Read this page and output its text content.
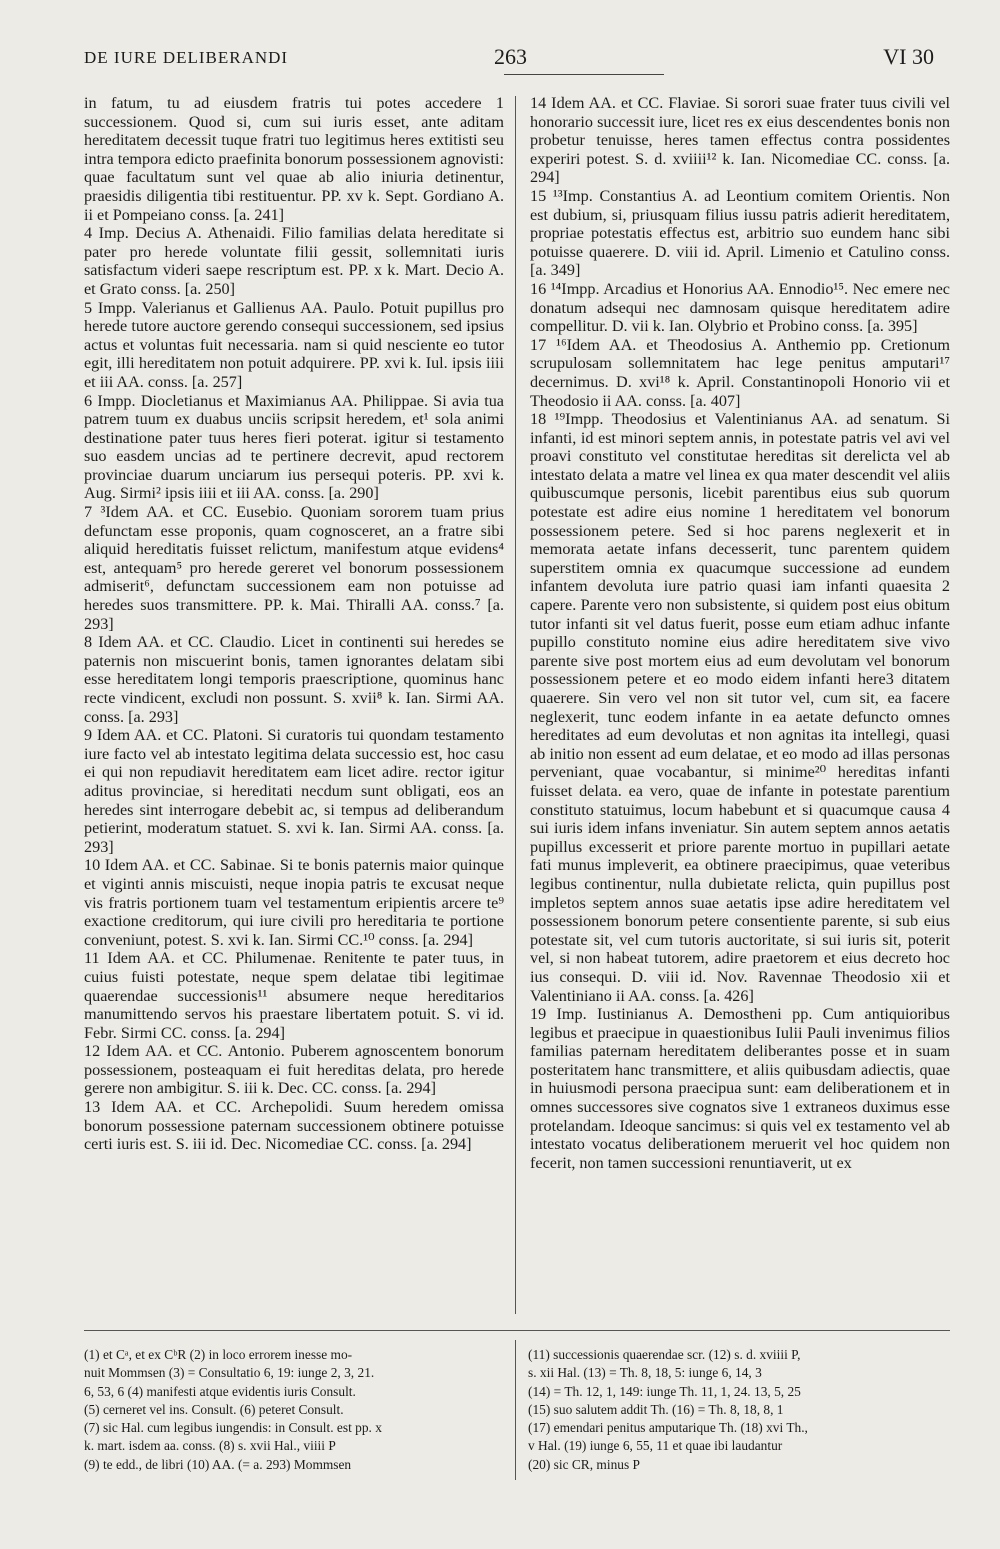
DE IURE DELIBERANDI	263	VI 30

in fatum, tu ad eiusdem fratris tui potes accedere 1 successionem. Quod si, cum sui iuris esset, ante aditam hereditatem decessit tuque fratri tuo legitimus heres extitisti seu intra tempora edicto praefinita bonorum possessionem agnovisti: quae facultatum sunt vel quae ab alio iniuria detinentur, praesidis diligentia tibi restituentur. PP. xv k. Sept. Gordiano A. ii et Pompeiano conss. [a. 241]

4 Imp. Decius A. Athenaidi. Filio familias delata hereditate si pater pro herede voluntate filii gessit, sollemnitati iuris satisfactum videri saepe rescriptum est. PP. x k. Mart. Decio A. et Grato conss. [a. 250]

5 Impp. Valerianus et Gallienus AA. Paulo. Potuit pupillus pro herede tutore auctore gerendo consequi successionem, sed ipsius actus et voluntas fuit necessaria. nam si quid nesciente eo tutor egit, illi hereditatem non potuit adquirere. PP. xvi k. Iul. ipsis iiii et iii AA. conss. [a. 257]

6 Impp. Diocletianus et Maximianus AA. Philippae. Si avia tua patrem tuum ex duabus unciis scripsit heredem, et¹ sola animi destinatione pater tuus heres fieri poterat. igitur si testamento suo easdem uncias ad te pertinere decrevit, apud rectorem provinciae duarum unciarum ius persequi poteris. PP. xvi k. Aug. Sirmi² ipsis iiii et iii AA. conss. [a. 290]

7 ³Idem AA. et CC. Eusebio. Quoniam sororem tuam prius defunctam esse proponis, quam cognosceret, an a fratre sibi aliquid hereditatis fuisset relictum, manifestum atque evidens⁴ est, antequam⁵ pro herede gereret vel bonorum possessionem admiserit⁶, defunctam successionem eam non potuisse ad heredes suos transmittere. PP. k. Mai. Thiralli AA. conss.⁷ [a. 293]

8 Idem AA. et CC. Claudio. Licet in continenti sui heredes se paternis non miscuerint bonis, tamen ignorantes delatam sibi esse hereditatem longi temporis praescriptione, quominus hanc recte vindicent, excludi non possunt. S. xvii⁸ k. Ian. Sirmi AA. conss. [a. 293]

9 Idem AA. et CC. Platoni. Si curatoris tui quondam testamento iure facto vel ab intestato legitima delata successio est, hoc casu ei qui non repudiavit hereditatem eam licet adire. rector igitur aditus provinciae, si hereditati necdum sunt obligati, eos an heredes sint interrogare debebit ac, si tempus ad deliberandum petierint, moderatum statuet. S. xvi k. Ian. Sirmi AA. conss. [a. 293]

10 Idem AA. et CC. Sabinae. Si te bonis paternis maior quinque et viginti annis miscuisti, neque inopia patris te excusat neque vis fratris portionem tuam vel testamentum eripientis arcere te⁹ exactione creditorum, qui iure civili pro hereditaria te portione conveniunt, potest. S. xvi k. Ian. Sirmi CC.¹⁰ conss. [a. 294]

11 Idem AA. et CC. Philumenae. Renitente te pater tuus, in cuius fuisti potestate, neque spem delatae tibi legitimae quaerendae successionis¹¹ absumere neque hereditarios manumittendo servos his praestare libertatem potuit. S. vi id. Febr. Sirmi CC. conss. [a. 294]

12 Idem AA. et CC. Antonio. Puberem agnoscentem bonorum possessionem, posteaquam ei fuit hereditas delata, pro herede gerere non ambigitur. S. iii k. Dec. CC. conss. [a. 294]

13 Idem AA. et CC. Archepolidi. Suum heredem omissa bonorum possessione paternam successionem obtinere potuisse certi iuris est. S. iii id. Dec. Nicomediae CC. conss. [a. 294]

14 Idem AA. et CC. Flaviae. Si sorori suae frater tuus civili vel honorario successit iure, licet res ex eius descendentes bonis non probetur tenuisse, heres tamen effectus contra possidentes experiri potest. S. d. xviiii¹² k. Ian. Nicomediae CC. conss. [a. 294]

15 ¹³Imp. Constantius A. ad Leontium comitem Orientis. Non est dubium, si, priusquam filius iussu patris adierit hereditatem, propriae potestatis effectus est, arbitrio suo eundem hanc sibi potuisse quaerere. D. viii id. April. Limenio et Catulino conss. [a. 349]

16 ¹⁴Impp. Arcadius et Honorius AA. Ennodio¹⁵. Nec emere nec donatum adsequi nec damnosam quisque hereditatem adire compellitur. D. vii k. Ian. Olybrio et Probino conss. [a. 395]

17 ¹⁶Idem AA. et Theodosius A. Anthemio pp. Cretionum scrupulosam sollemnitatem hac lege penitus amputari¹⁷ decernimus. D. xvi¹⁸ k. April. Constantinopoli Honorio vii et Theodosio ii AA. conss. [a. 407]

18 ¹⁹Impp. Theodosius et Valentinianus AA. ad senatum. Si infanti, id est minori septem annis, in potestate patris vel avi vel proavi constituto vel constitutae hereditas sit derelicta vel ab intestato delata a matre vel linea ex qua mater descendit vel aliis quibuscumque personis, licebit parentibus eius sub quorum potestate est adire eius nomine 1 hereditatem vel bonorum possessionem petere. Sed si hoc parens neglexerit et in memorata aetate infans decesserit, tunc parentem quidem superstitem omnia ex quacumque successione ad eundem infantem devoluta iure patrio quasi iam infanti quaesita 2 capere. Parente vero non subsistente, si quidem post eius obitum tutor infanti sit vel datus fuerit, posse eum etiam adhuc infante pupillo constituto nomine eius adire hereditatem sive vivo parente sive post mortem eius ad eum devolutam vel bonorum possessionem petere et eo modo eidem infanti here3 ditatem quaerere. Sin vero vel non sit tutor vel, cum sit, ea facere neglexerit, tunc eodem infante in ea aetate defuncto omnes hereditates ad eum devolutas et non agnitas ita intellegi, quasi ab initio non essent ad eum delatae, et eo modo ad illas personas perveniant, quae vocabantur, si minime²⁰ hereditas infanti fuisset delata. ea vero, quae de infante in potestate parentium constituto statuimus, locum habebunt et si quacumque causa 4 sui iuris idem infans inveniatur. Sin autem septem annos aetatis pupillus excesserit et priore parente mortuo in pupillari aetate fati munus impleverit, ea obtinere praecipimus, quae veteribus legibus continentur, nulla dubietate relicta, quin pupillus post impletos septem annos suae aetatis ipse adire hereditatem vel possessionem bonorum petere consentiente parente, si sub eius potestate sit, vel cum tutoris auctoritate, si sui iuris sit, poterit vel, si non habeat tutorem, adire praetorem et eius decreto hoc ius consequi. D. viii id. Nov. Ravennae Theodosio xii et Valentiniano ii AA. conss. [a. 426]

19 Imp. Iustinianus A. Demostheni pp. Cum antiquioribus legibus et praecipue in quaestionibus Iulii Pauli invenimus filios familias paternam hereditatem deliberantes posse et in suam posteritatem hanc transmittere, et aliis quibusdam adiectis, quae in huiusmodi persona praecipua sunt: eam deliberationem et in omnes successores sive cognatos sive 1 extraneos duximus esse protelandam. Ideoque sancimus: si quis vel ex testamento vel ab intestato vocatus deliberationem meruerit vel hoc quidem non fecerit, non tamen successioni renuntiaverit, ut ex

(1) et Cᵃ, et ex CᵇR (2) in loco errorem inesse mo-
nuit Mommsen (3) = Consultatio 6, 19: iunge 2, 3, 21.
6, 53, 6 (4) manifesti atque evidentis iuris Consult.
(5) cerneret vel ins. Consult. (6) peteret Consult.
(7) sic Hal. cum legibus iungendis: in Consult. est pp. x
k. mart. isdem aa. conss. (8) s. xvii Hal., viiii P
(9) te edd., de libri (10) AA. (= a. 293) Mommsen
(11) successionis quaerendae scr. (12) s. d. xviiii P,
s. xii Hal. (13) = Th. 8, 18, 5: iunge 6, 14, 3
(14) = Th. 12, 1, 149: iunge Th. 11, 1, 24. 13, 5, 25
(15) suo salutem addit Th. (16) = Th. 8, 18, 8, 1
(17) emendari penitus amputarique Th. (18) xvi Th.,
v Hal. (19) iunge 6, 55, 11 et quae ibi laudantur
(20) sic CR, minus P
